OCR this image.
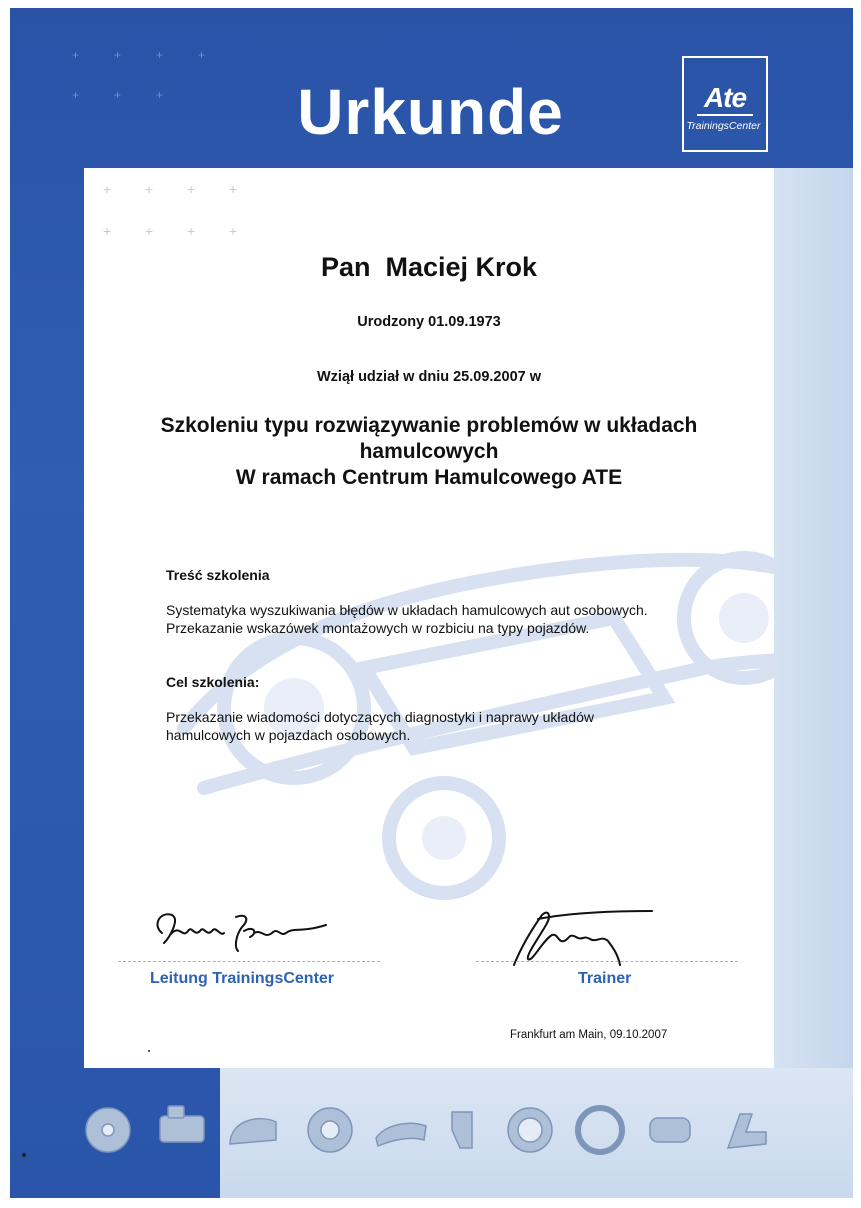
+	+	+	+
+	+	+	Urkunde	Ate
TrainingsCenter
+ + + +
+ + + +
Pan  Maciej Krok
Urodzony 01.09.1973
Wziął udział w dniu 25.09.2007 w
Szkoleniu typu rozwiązywanie problemów w układach
hamulcowych
W ramach Centrum Hamulcowego ATE
Treść szkolenia
Systematyka wyszukiwania błędów w układach hamulcowych aut osobowych. Przekazanie wskazówek montażowych w rozbiciu na typy pojazdów.
Cel szkolenia:
Przekazanie wiadomości dotyczących diagnostyki i naprawy układów hamulcowych w pojazdach osobowych.
Leitung TrainingsCenter	Trainer
Frankfurt am Main, 09.10.2007
